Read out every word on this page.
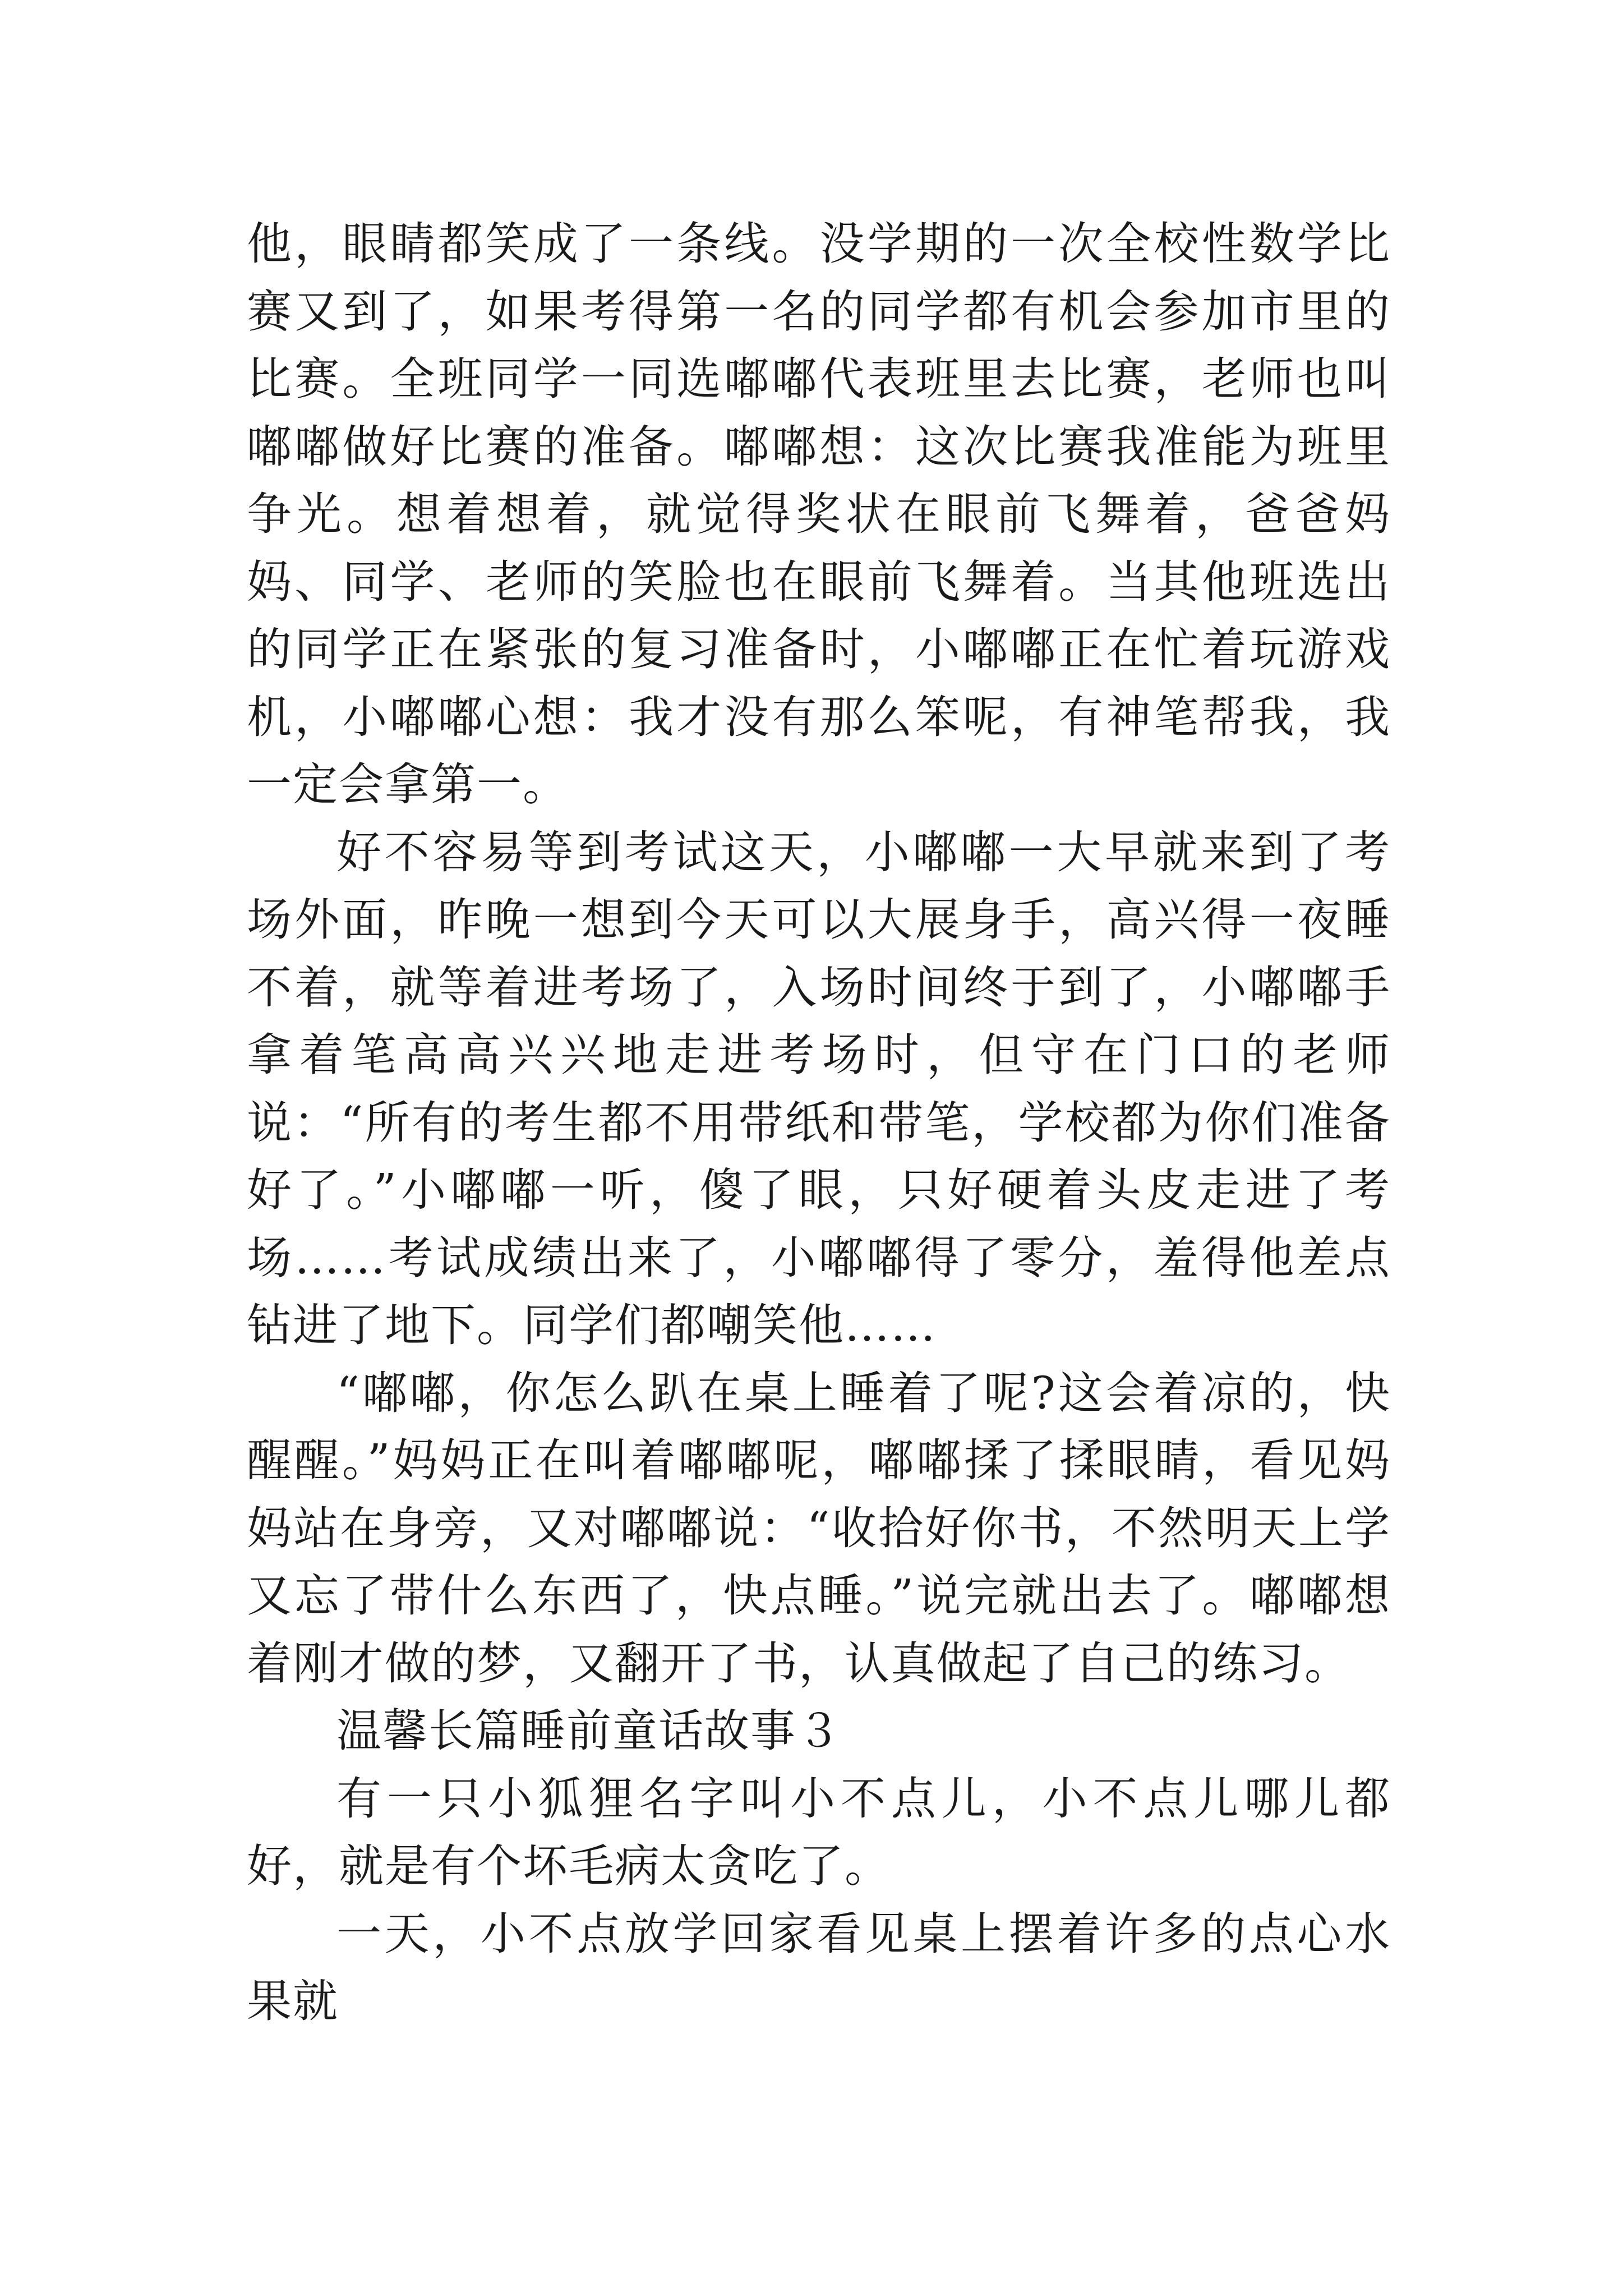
他，眼睛都笑成了一条线。没学期的一次全校性数学比赛又到了，如果考得第一名的同学都有机会参加市里的比赛。全班同学一同选嘟嘟代表班里去比赛，老师也叫嘟嘟做好比赛的准备。嘟嘟想：这次比赛我准能为班里争光。想着想着，就觉得奖状在眼前飞舞着，爸爸妈妈、同学、老师的笑脸也在眼前飞舞着。当其他班选出的同学正在紧张的复习准备时，小嘟嘟正在忙着玩游戏机，小嘟嘟心想：我才没有那么笨呢，有神笔帮我，我一定会拿第一。

好不容易等到考试这天，小嘟嘟一大早就来到了考场外面，昨晚一想到今天可以大展身手，高兴得一夜睡不着，就等着进考场了，入场时间终于到了，小嘟嘟手拿着笔高高兴兴地走进考场时，但守在门口的老师说：“所有的考生都不用带纸和带笔，学校都为你们准备好了。”小嘟嘟一听，傻了眼，只好硬着头皮走进了考场……考试成绩出来了，小嘟嘟得了零分，羞得他差点钻进了地下。同学们都嘲笑他……

“嘟嘟，你怎么趴在桌上睡着了呢?这会着凉的，快醒醒。”妈妈正在叫着嘟嘟呢，嘟嘟揉了揉眼睛，看见妈妈站在身旁，又对嘟嘟说：“收拾好你书，不然明天上学又忘了带什么东西了，快点睡。”说完就出去了。嘟嘟想着刚才做的梦，又翻开了书，认真做起了自己的练习。

温馨长篇睡前童话故事３

有一只小狐狸名字叫小不点儿，小不点儿哪儿都好，就是有个坏毛病太贪吃了。

一天，小不点放学回家看见桌上摆着许多的点心水果就
